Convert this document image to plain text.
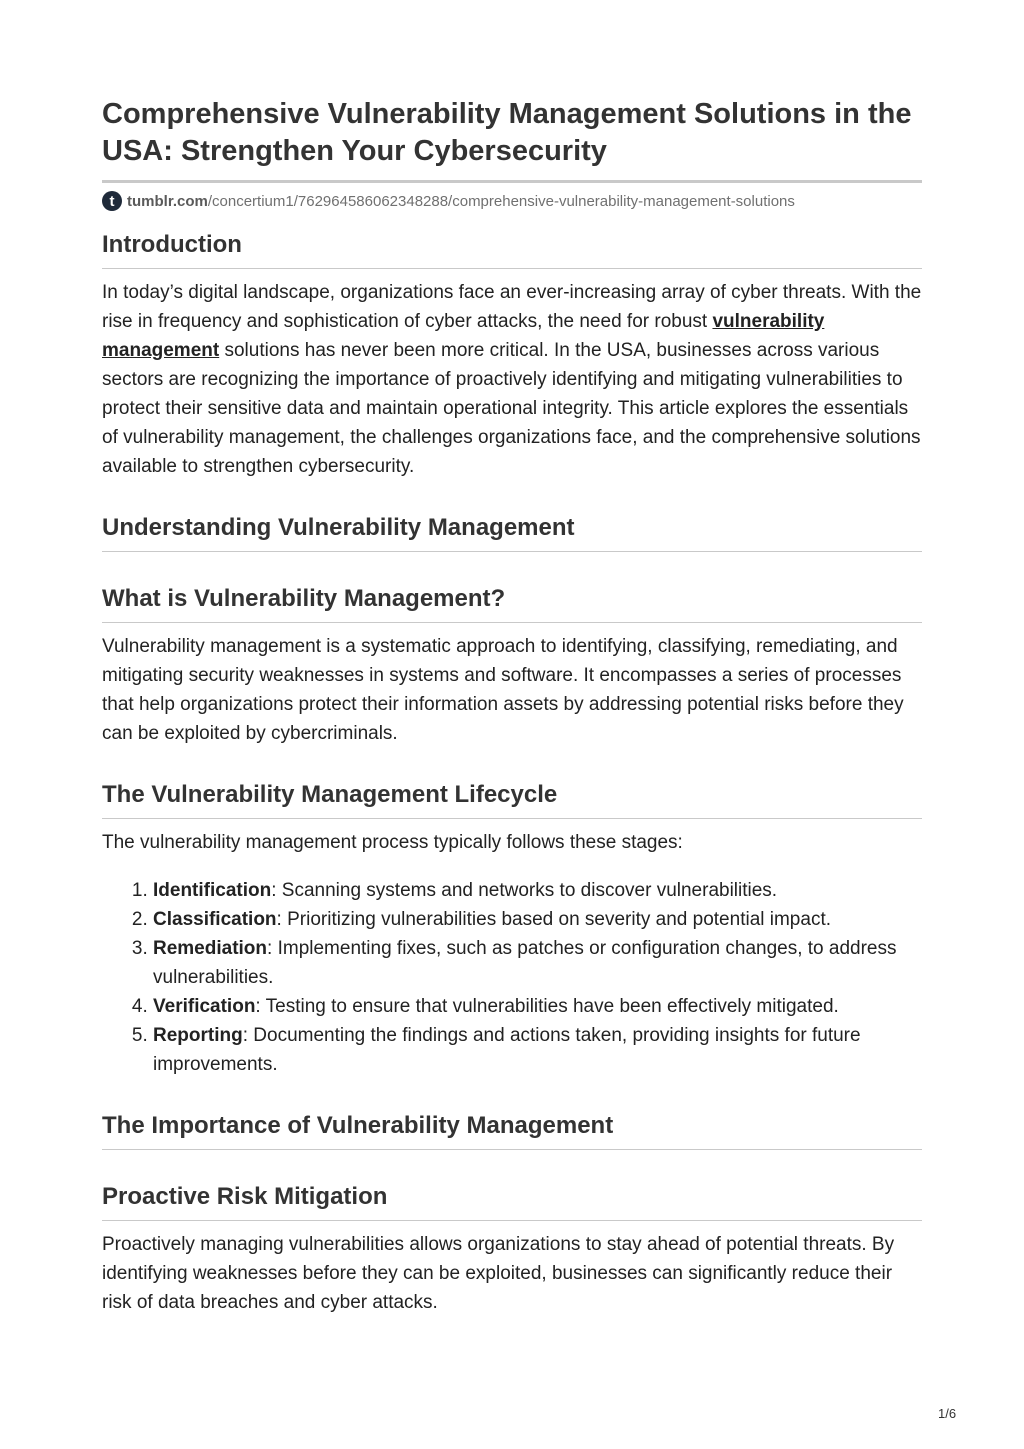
Comprehensive Vulnerability Management Solutions in the USA: Strengthen Your Cybersecurity
t tumblr.com /concertium1/762964586062348288/comprehensive-vulnerability-management-solutions
Introduction

In today’s digital landscape, organizations face an ever-increasing array of cyber threats. With the rise in frequency and sophistication of cyber attacks, the need for robust vulnerability management solutions has never been more critical. In the USA, businesses across various sectors are recognizing the importance of proactively identifying and mitigating vulnerabilities to protect their sensitive data and maintain operational integrity. This article explores the essentials of vulnerability management, the challenges organizations face, and the comprehensive solutions available to strengthen cybersecurity.

Understanding Vulnerability Management
What is Vulnerability Management?

Vulnerability management is a systematic approach to identifying, classifying, remediating, and mitigating security weaknesses in systems and software. It encompasses a series of processes that help organizations protect their information assets by addressing potential risks before they can be exploited by cybercriminals.

The Vulnerability Management Lifecycle

The vulnerability management process typically follows these stages:

1. Identification: Scanning systems and networks to discover vulnerabilities.
2. Classification: Prioritizing vulnerabilities based on severity and potential impact.
3. Remediation: Implementing fixes, such as patches or configuration changes, to address vulnerabilities.
4. Verification: Testing to ensure that vulnerabilities have been effectively mitigated.
5. Reporting: Documenting the findings and actions taken, providing insights for future improvements.
The Importance of Vulnerability Management
Proactive Risk Mitigation

Proactively managing vulnerabilities allows organizations to stay ahead of potential threats. By identifying weaknesses before they can be exploited, businesses can significantly reduce their risk of data breaches and cyber attacks.

1/6
